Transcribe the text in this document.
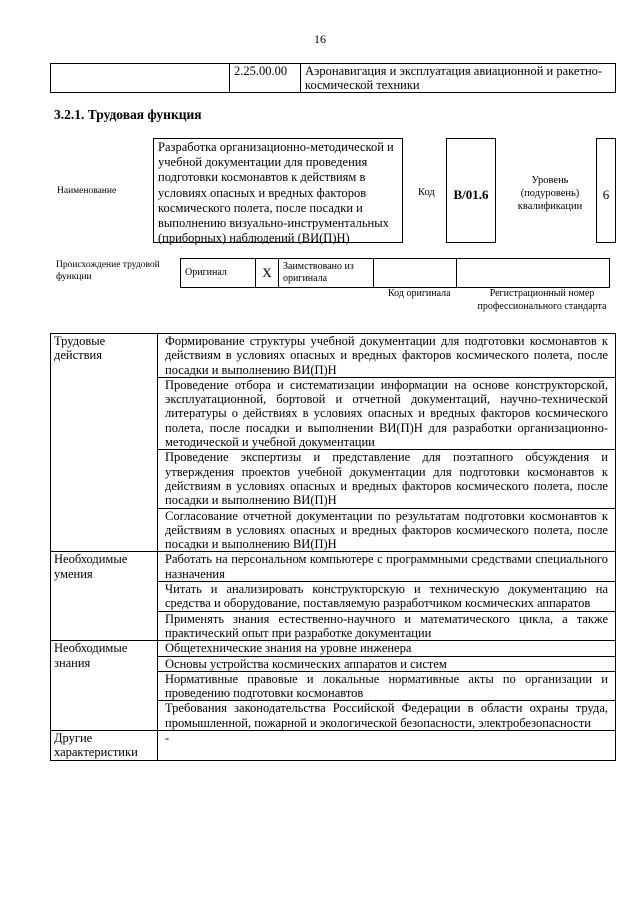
16
	2.25.00.00	Аэронавигация и эксплуатация авиационной и ракетно-космической техники
3.2.1. Трудовая функция
Наименование
Разработка организационно-методической и учебной документации для проведения подготовки космонавтов к действиям в условиях опасных и вредных факторов космического полета, после посадки и выполнению визуально-инструментальных (приборных) наблюдений (ВИ(П)Н)
Код	В/01.6
Уровень (подуровень) квалификации
6
Происхождение трудовой функции	Оригинал	X	Заимствовано из оригинала		
Код оригинала	Регистрационный номер профессионального стандарта
Трудовые действия	Формирование структуры учебной документации для подготовки космонавтов к действиям в условиях опасных и вредных факторов космического полета, после посадки и выполнению ВИ(П)Н
	Проведение отбора и систематизации информации на основе конструкторской, эксплуатационной, бортовой и отчетной документаций, научно-технической литературы о действиях в условиях опасных и вредных факторов космического полета, после посадки и выполнении ВИ(П)Н для разработки организационно-методической и учебной документации
	Проведение экспертизы и представление для поэтапного обсуждения и утверждения проектов учебной документации для подготовки космонавтов к действиям в условиях опасных и вредных факторов космического полета, после посадки и выполнению ВИ(П)Н
	Согласование отчетной документации по результатам подготовки космонавтов к действиям в условиях опасных и вредных факторов космического полета, после посадки и выполнению ВИ(П)Н
Необходимые умения	Работать на персональном компьютере с программными средствами специального назначения
	Читать и анализировать конструкторскую и техническую документацию на средства и оборудование, поставляемую разработчиком космических аппаратов
	Применять знания естественно-научного и математического цикла, а также практический опыт при разработке документации
Необходимые знания	Общетехнические знания на уровне инженера
	Основы устройства космических аппаратов и систем
	Нормативные правовые и локальные нормативные акты по организации и проведению подготовки космонавтов
	Требования законодательства Российской Федерации в области охраны труда, промышленной, пожарной и экологической безопасности, электробезопасности
Другие характеристики	-
